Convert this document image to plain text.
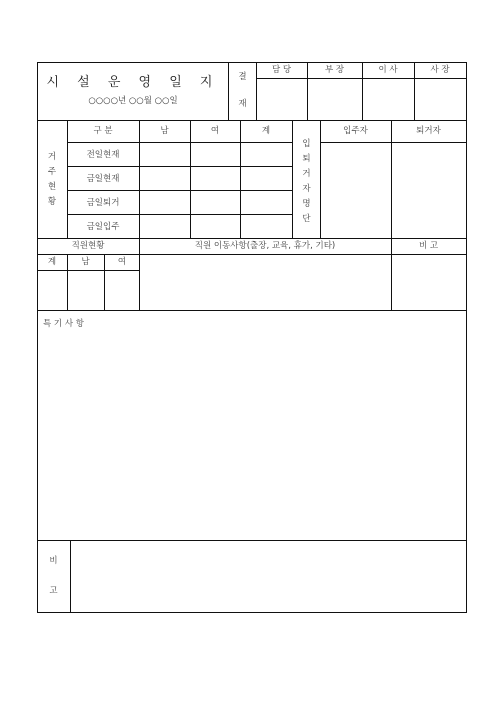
시 설 운 영 일 지
○○○○년 ○○월 ○○일
결
재
담 당	부 장	이 사	사 장
거
주
현
황
구 분	남	여	계
전일현재
금일현재
금일퇴거
금일입주
입
퇴
거
자
명
단
입주자	퇴거자
직원현황	직원 이동사항(출장, 교육, 휴가, 기타)	비 고
계	남	여
특 기 사 항
비
고
